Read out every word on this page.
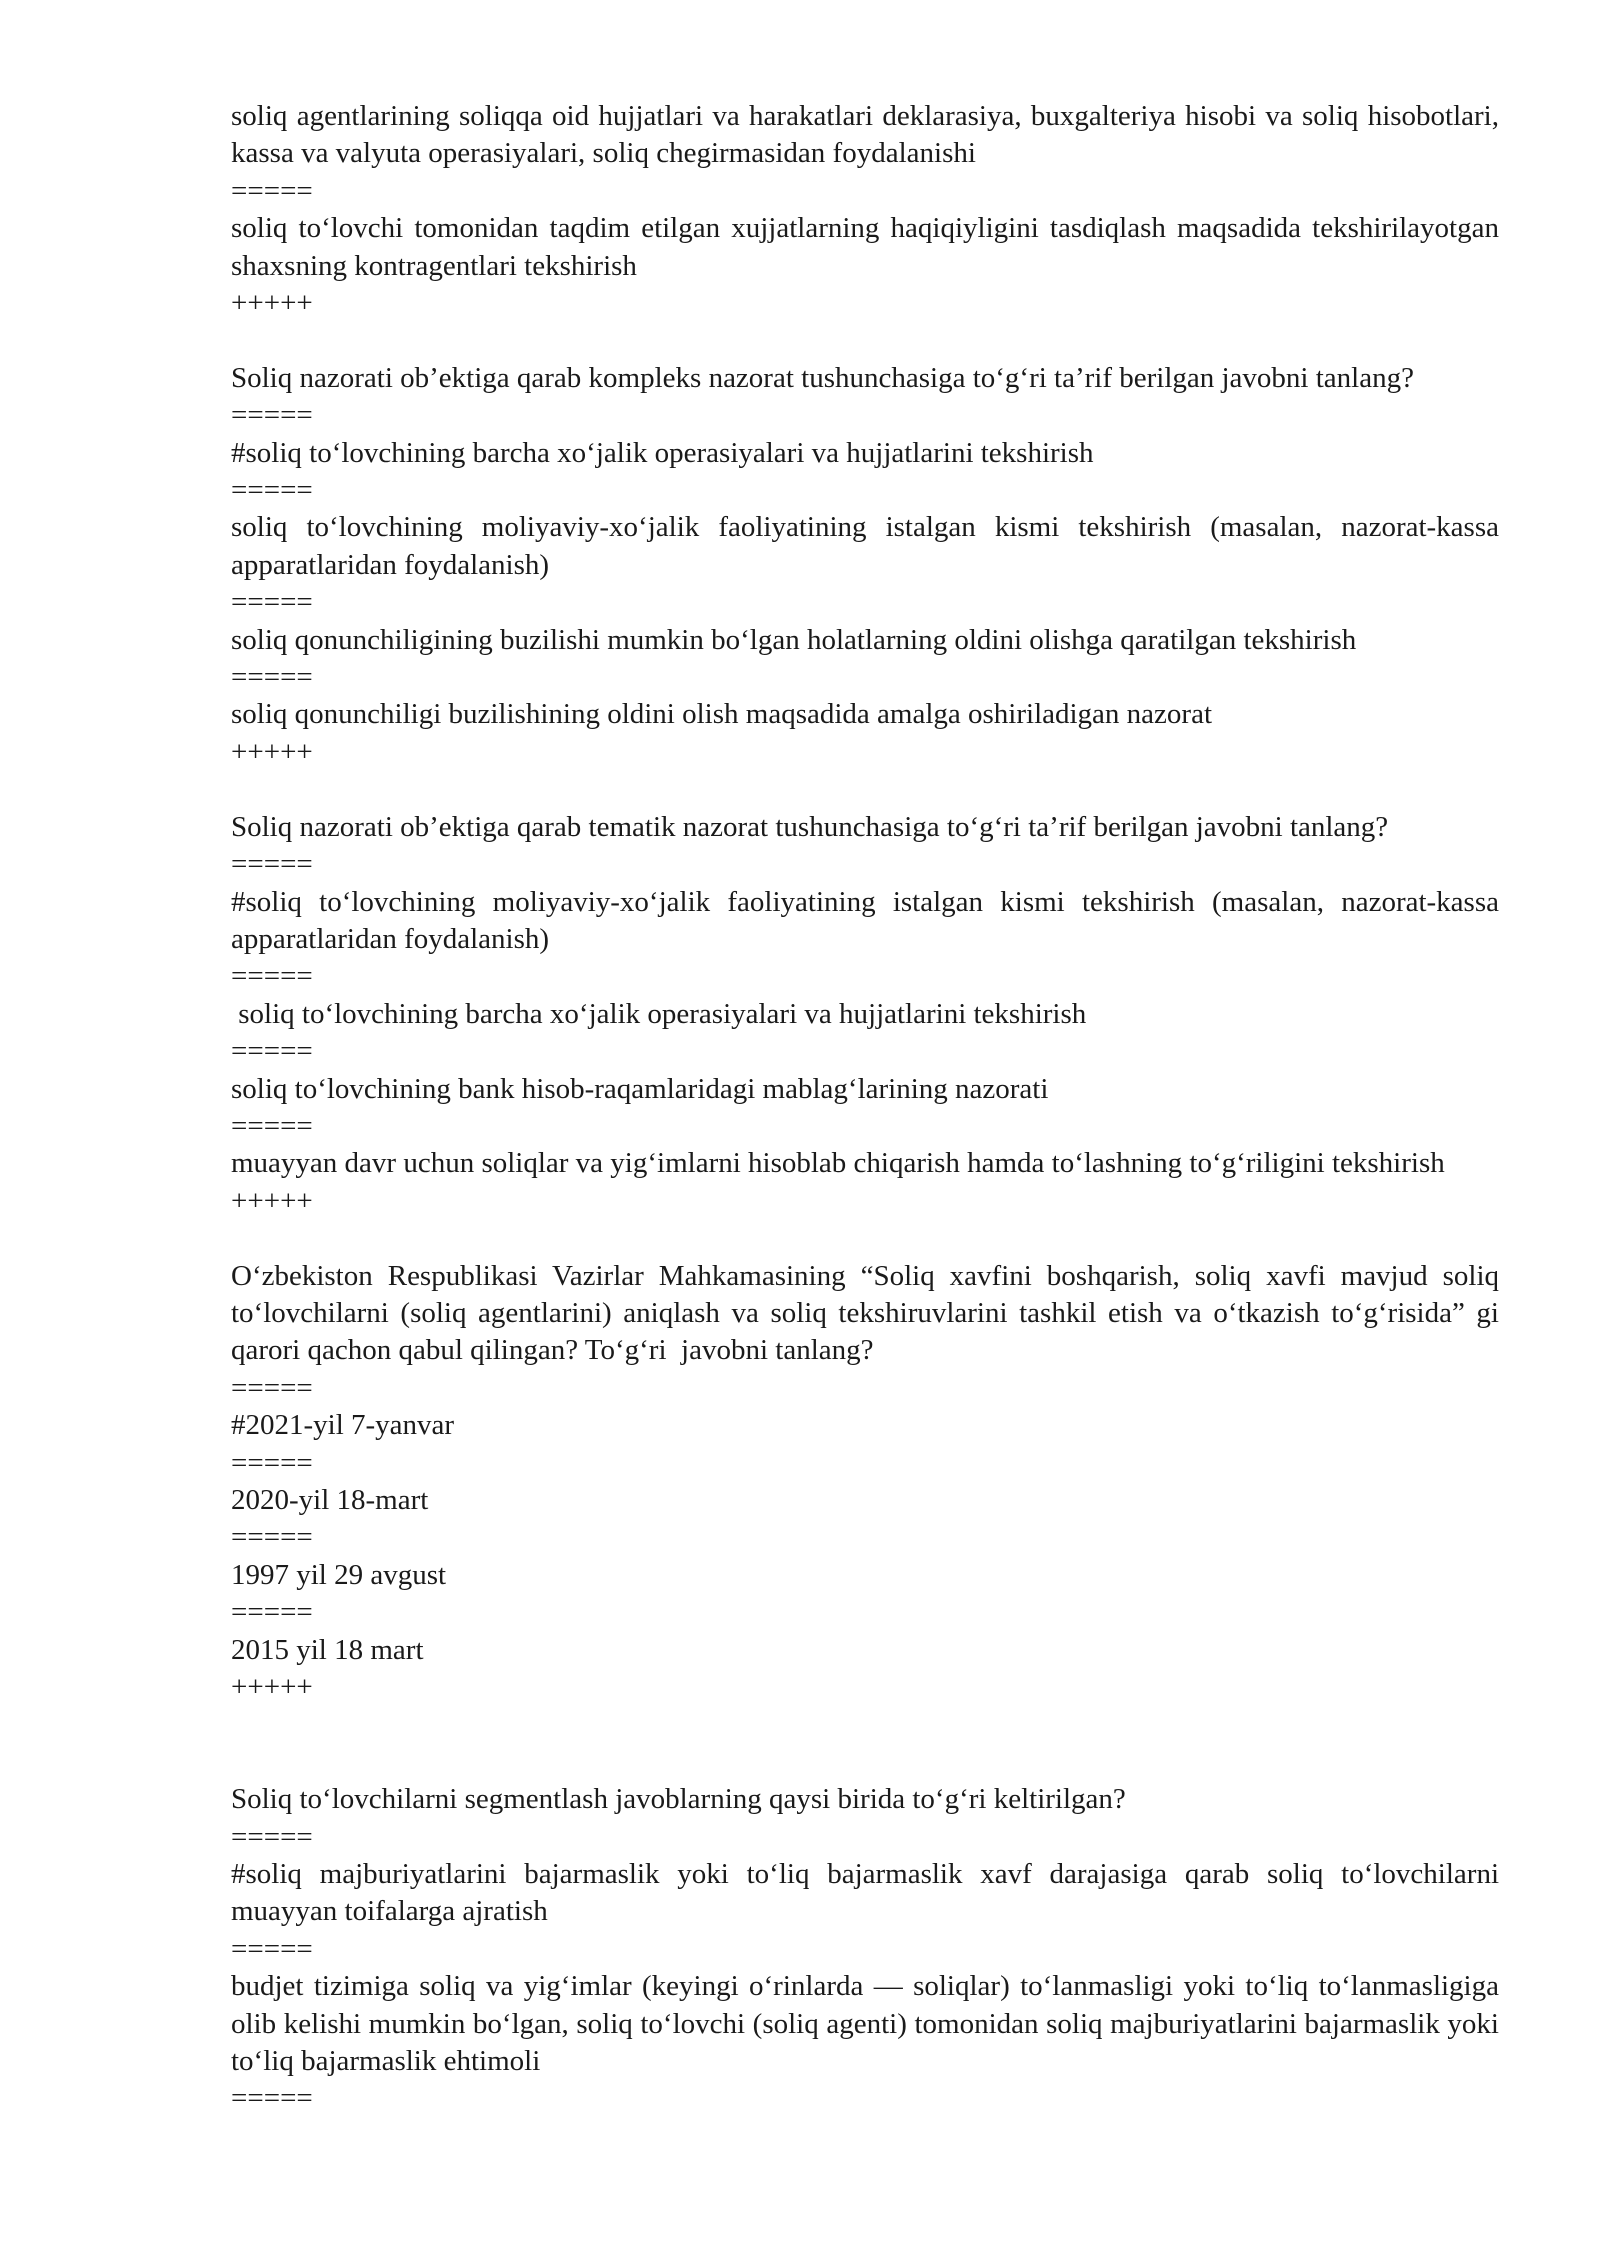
soliq agentlarining soliqqa oid hujjatlari va harakatlari deklarasiya, buxgalteriya hisobi va soliq hisobotlari, kassa va valyuta operasiyalari, soliq chegirmasidan foydalanishi

=====

soliq to‘lovchi tomonidan taqdim etilgan xujjatlarning haqiqiyligini tasdiqlash maqsadida tekshirilayotgan shaxsning kontragentlari tekshirish

+++++

Soliq nazorati ob’ektiga qarab kompleks nazorat tushunchasiga to‘g‘ri ta’rif berilgan javobni tanlang?

=====

#soliq to‘lovchining barcha xo‘jalik operasiyalari va hujjatlarini tekshirish

=====

soliq to‘lovchining moliyaviy-xo‘jalik faoliyatining istalgan kismi tekshirish (masalan, nazorat-kassa apparatlaridan foydalanish)

=====

soliq qonunchiligining buzilishi mumkin bo‘lgan holatlarning oldini olishga qaratilgan tekshirish

=====

soliq qonunchiligi buzilishining oldini olish maqsadida amalga oshiriladigan nazorat

+++++

Soliq nazorati ob’ektiga qarab tematik nazorat tushunchasiga to‘g‘ri ta’rif berilgan javobni tanlang?

=====

#soliq to‘lovchining moliyaviy-xo‘jalik faoliyatining istalgan kismi tekshirish (masalan, nazorat-kassa apparatlaridan foydalanish)

=====

soliq to‘lovchining barcha xo‘jalik operasiyalari va hujjatlarini tekshirish

=====

soliq to‘lovchining bank hisob-raqamlaridagi mablag‘larining nazorati

=====

muayyan davr uchun soliqlar va yig‘imlarni hisoblab chiqarish hamda to‘lashning to‘g‘riligini tekshirish

+++++

O‘zbekiston Respublikasi Vazirlar Mahkamasining “Soliq xavfini boshqarish, soliq xavfi mavjud soliq to‘lovchilarni (soliq agentlarini) aniqlash va soliq tekshiruvlarini tashkil etish va o‘tkazish to‘g‘risida” gi qarori qachon qabul qilingan? To‘g‘ri  javobni tanlang?

=====

#2021-yil 7-yanvar

=====

2020-yil 18-mart

=====

1997 yil 29 avgust

=====

2015 yil 18 mart

+++++

Soliq to‘lovchilarni segmentlash javoblarning qaysi birida to‘g‘ri keltirilgan?

=====

#soliq majburiyatlarini bajarmaslik yoki to‘liq bajarmaslik xavf darajasiga qarab soliq to‘lovchilarni muayyan toifalarga ajratish

=====

budjet tizimiga soliq va yig‘imlar (keyingi o‘rinlarda — soliqlar) to‘lanmasligi yoki to‘liq to‘lanmasligiga olib kelishi mumkin bo‘lgan, soliq to‘lovchi (soliq agenti) tomonidan soliq majburiyatlarini bajarmaslik yoki to‘liq bajarmaslik ehtimoli

=====
